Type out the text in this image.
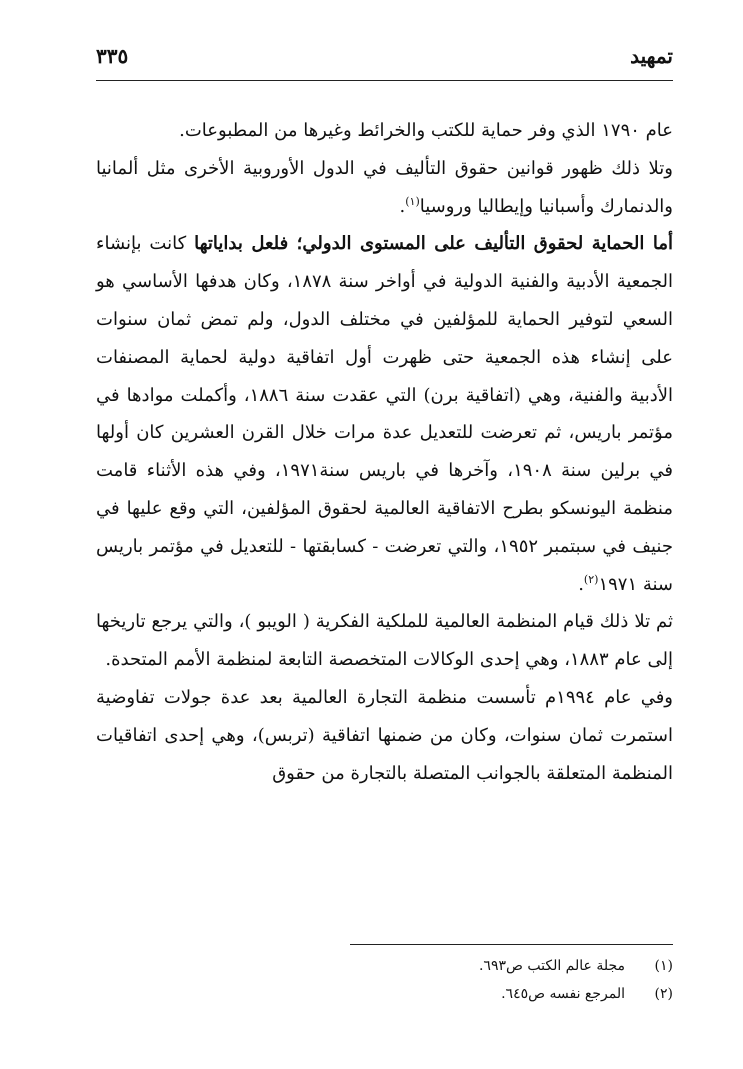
تمهيد
٣٣٥

عام ١٧٩٠ الذي وفر حماية للكتب والخرائط وغيرها من المطبوعات.

وتلا ذلك ظهور قوانين حقوق التأليف في الدول الأوروبية الأخرى مثل ألمانيا والدنمارك وأسبانيا وإيطاليا وروسيا$^{(١)}$.

أما الحماية لحقوق التأليف على المستوى الدولي؛ فلعل بداياتها كانت بإنشاء الجمعية الأدبية والفنية الدولية في أواخر سنة ١٨٧٨، وكان هدفها الأساسي هو السعي لتوفير الحماية للمؤلفين في مختلف الدول، ولم تمض ثمان سنوات على إنشاء هذه الجمعية حتى ظهرت أول اتفاقية دولية لحماية المصنفات الأدبية والفنية، وهي (اتفاقية برن) التي عقدت سنة ١٨٨٦، وأكملت موادها في مؤتمر باريس، ثم تعرضت للتعديل عدة مرات خلال القرن العشرين كان أولها في برلين سنة ١٩٠٨، وآخرها في باريس سنة١٩٧١، وفي هذه الأثناء قامت منظمة اليونسكو بطرح الاتفاقية العالمية لحقوق المؤلفين، التي وقع عليها في جنيف في سبتمبر ١٩٥٢، والتي تعرضت - كسابقتها - للتعديل في مؤتمر باريس سنة ١٩٧١$^{(٢)}$.

ثم تلا ذلك قيام المنظمة العالمية للملكية الفكرية ( الويبو )، والتي يرجع تاريخها إلى عام ١٨٨٣، وهي إحدى الوكالات المتخصصة التابعة لمنظمة الأمم المتحدة.

وفي عام ١٩٩٤م تأسست منظمة التجارة العالمية بعد عدة جولات تفاوضية استمرت ثمان سنوات، وكان من ضمنها اتفاقية (تربس)، وهي إحدى اتفاقيات المنظمة المتعلقة بالجوانب المتصلة بالتجارة من حقوق

(١)مجلة عالم الكتب ص٦٩٣.
(٢)المرجع نفسه ص٦٤٥.
